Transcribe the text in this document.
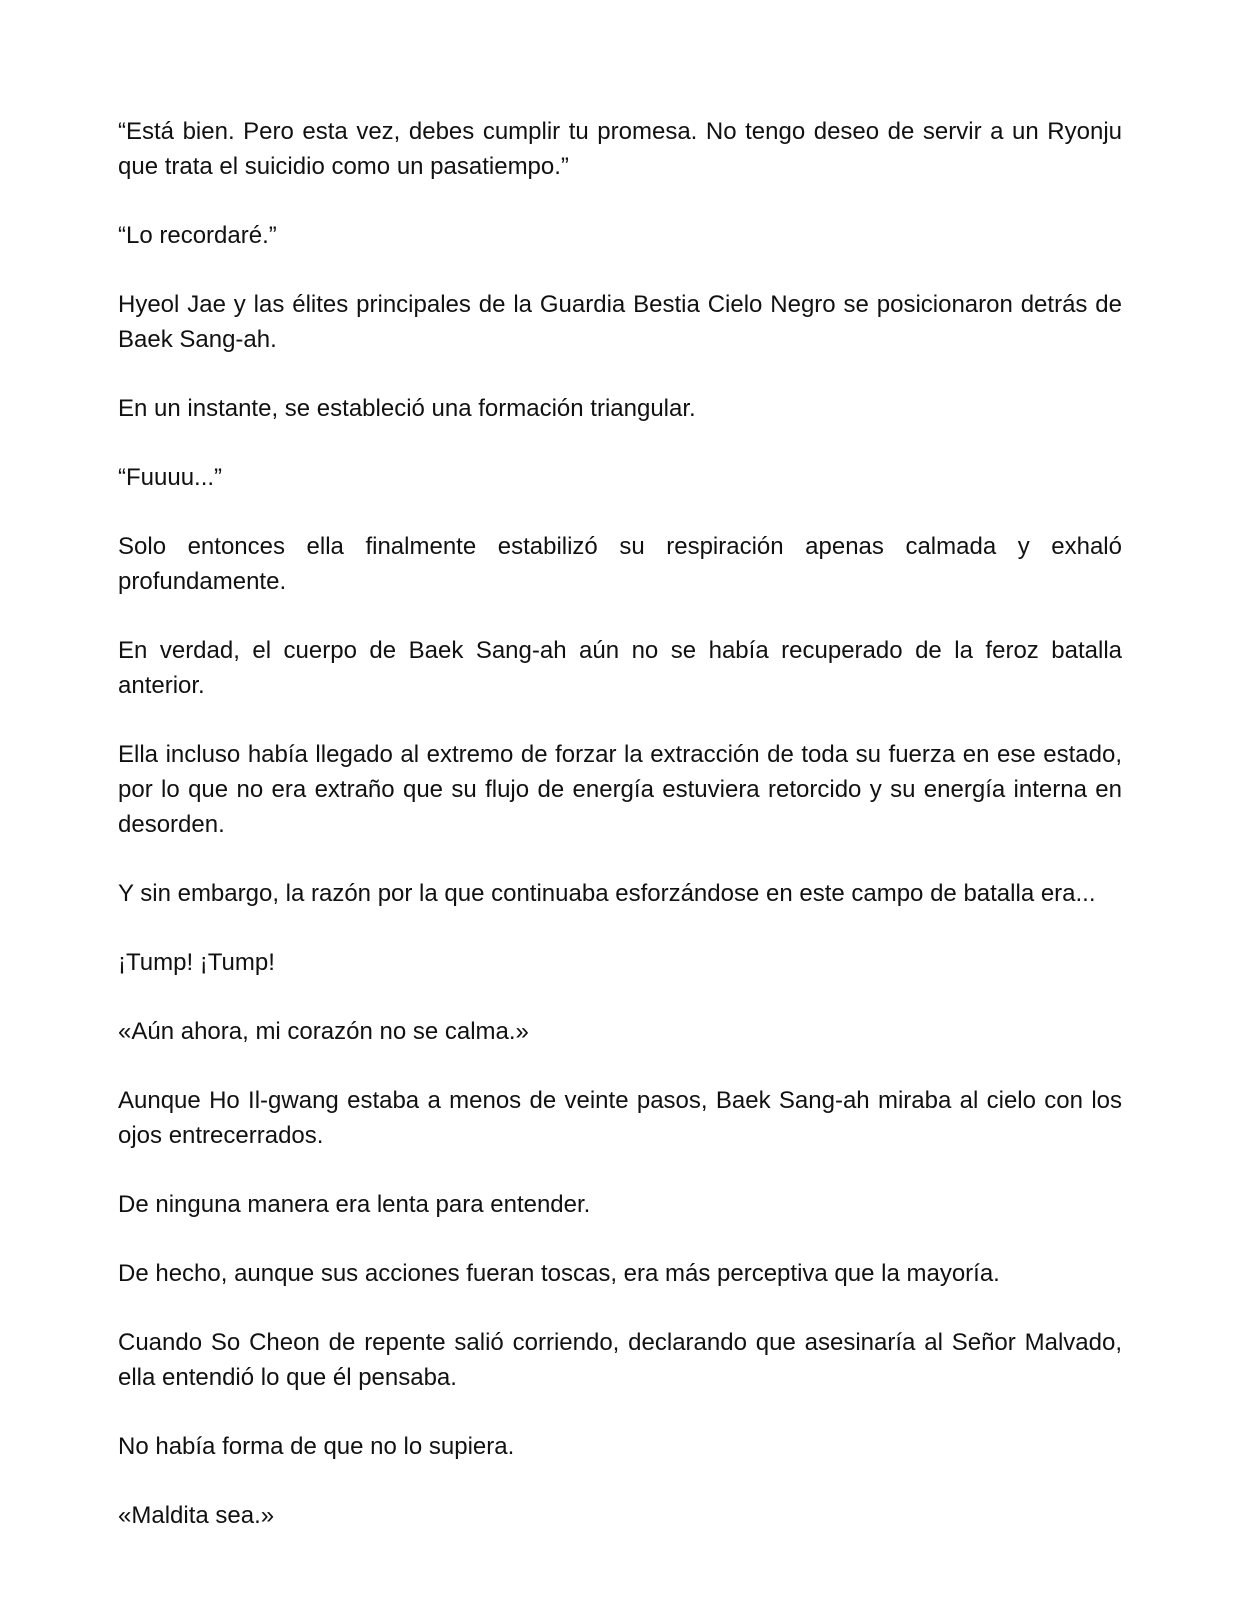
“Está bien. Pero esta vez, debes cumplir tu promesa. No tengo deseo de servir a un Ryonju que trata el suicidio como un pasatiempo.”

“Lo recordaré.”

Hyeol Jae y las élites principales de la Guardia Bestia Cielo Negro se posicionaron detrás de Baek Sang-ah.

En un instante, se estableció una formación triangular.

“Fuuuu...”

Solo entonces ella finalmente estabilizó su respiración apenas calmada y exhaló profundamente.

En verdad, el cuerpo de Baek Sang-ah aún no se había recuperado de la feroz batalla anterior.

Ella incluso había llegado al extremo de forzar la extracción de toda su fuerza en ese estado, por lo que no era extraño que su flujo de energía estuviera retorcido y su energía interna en desorden.

Y sin embargo, la razón por la que continuaba esforzándose en este campo de batalla era...

¡Tump! ¡Tump!

«Aún ahora, mi corazón no se calma.»

Aunque Ho Il-gwang estaba a menos de veinte pasos, Baek Sang-ah miraba al cielo con los ojos entrecerrados.

De ninguna manera era lenta para entender.

De hecho, aunque sus acciones fueran toscas, era más perceptiva que la mayoría.

Cuando So Cheon de repente salió corriendo, declarando que asesinaría al Señor Malvado, ella entendió lo que él pensaba.

No había forma de que no lo supiera.

«Maldita sea.»
